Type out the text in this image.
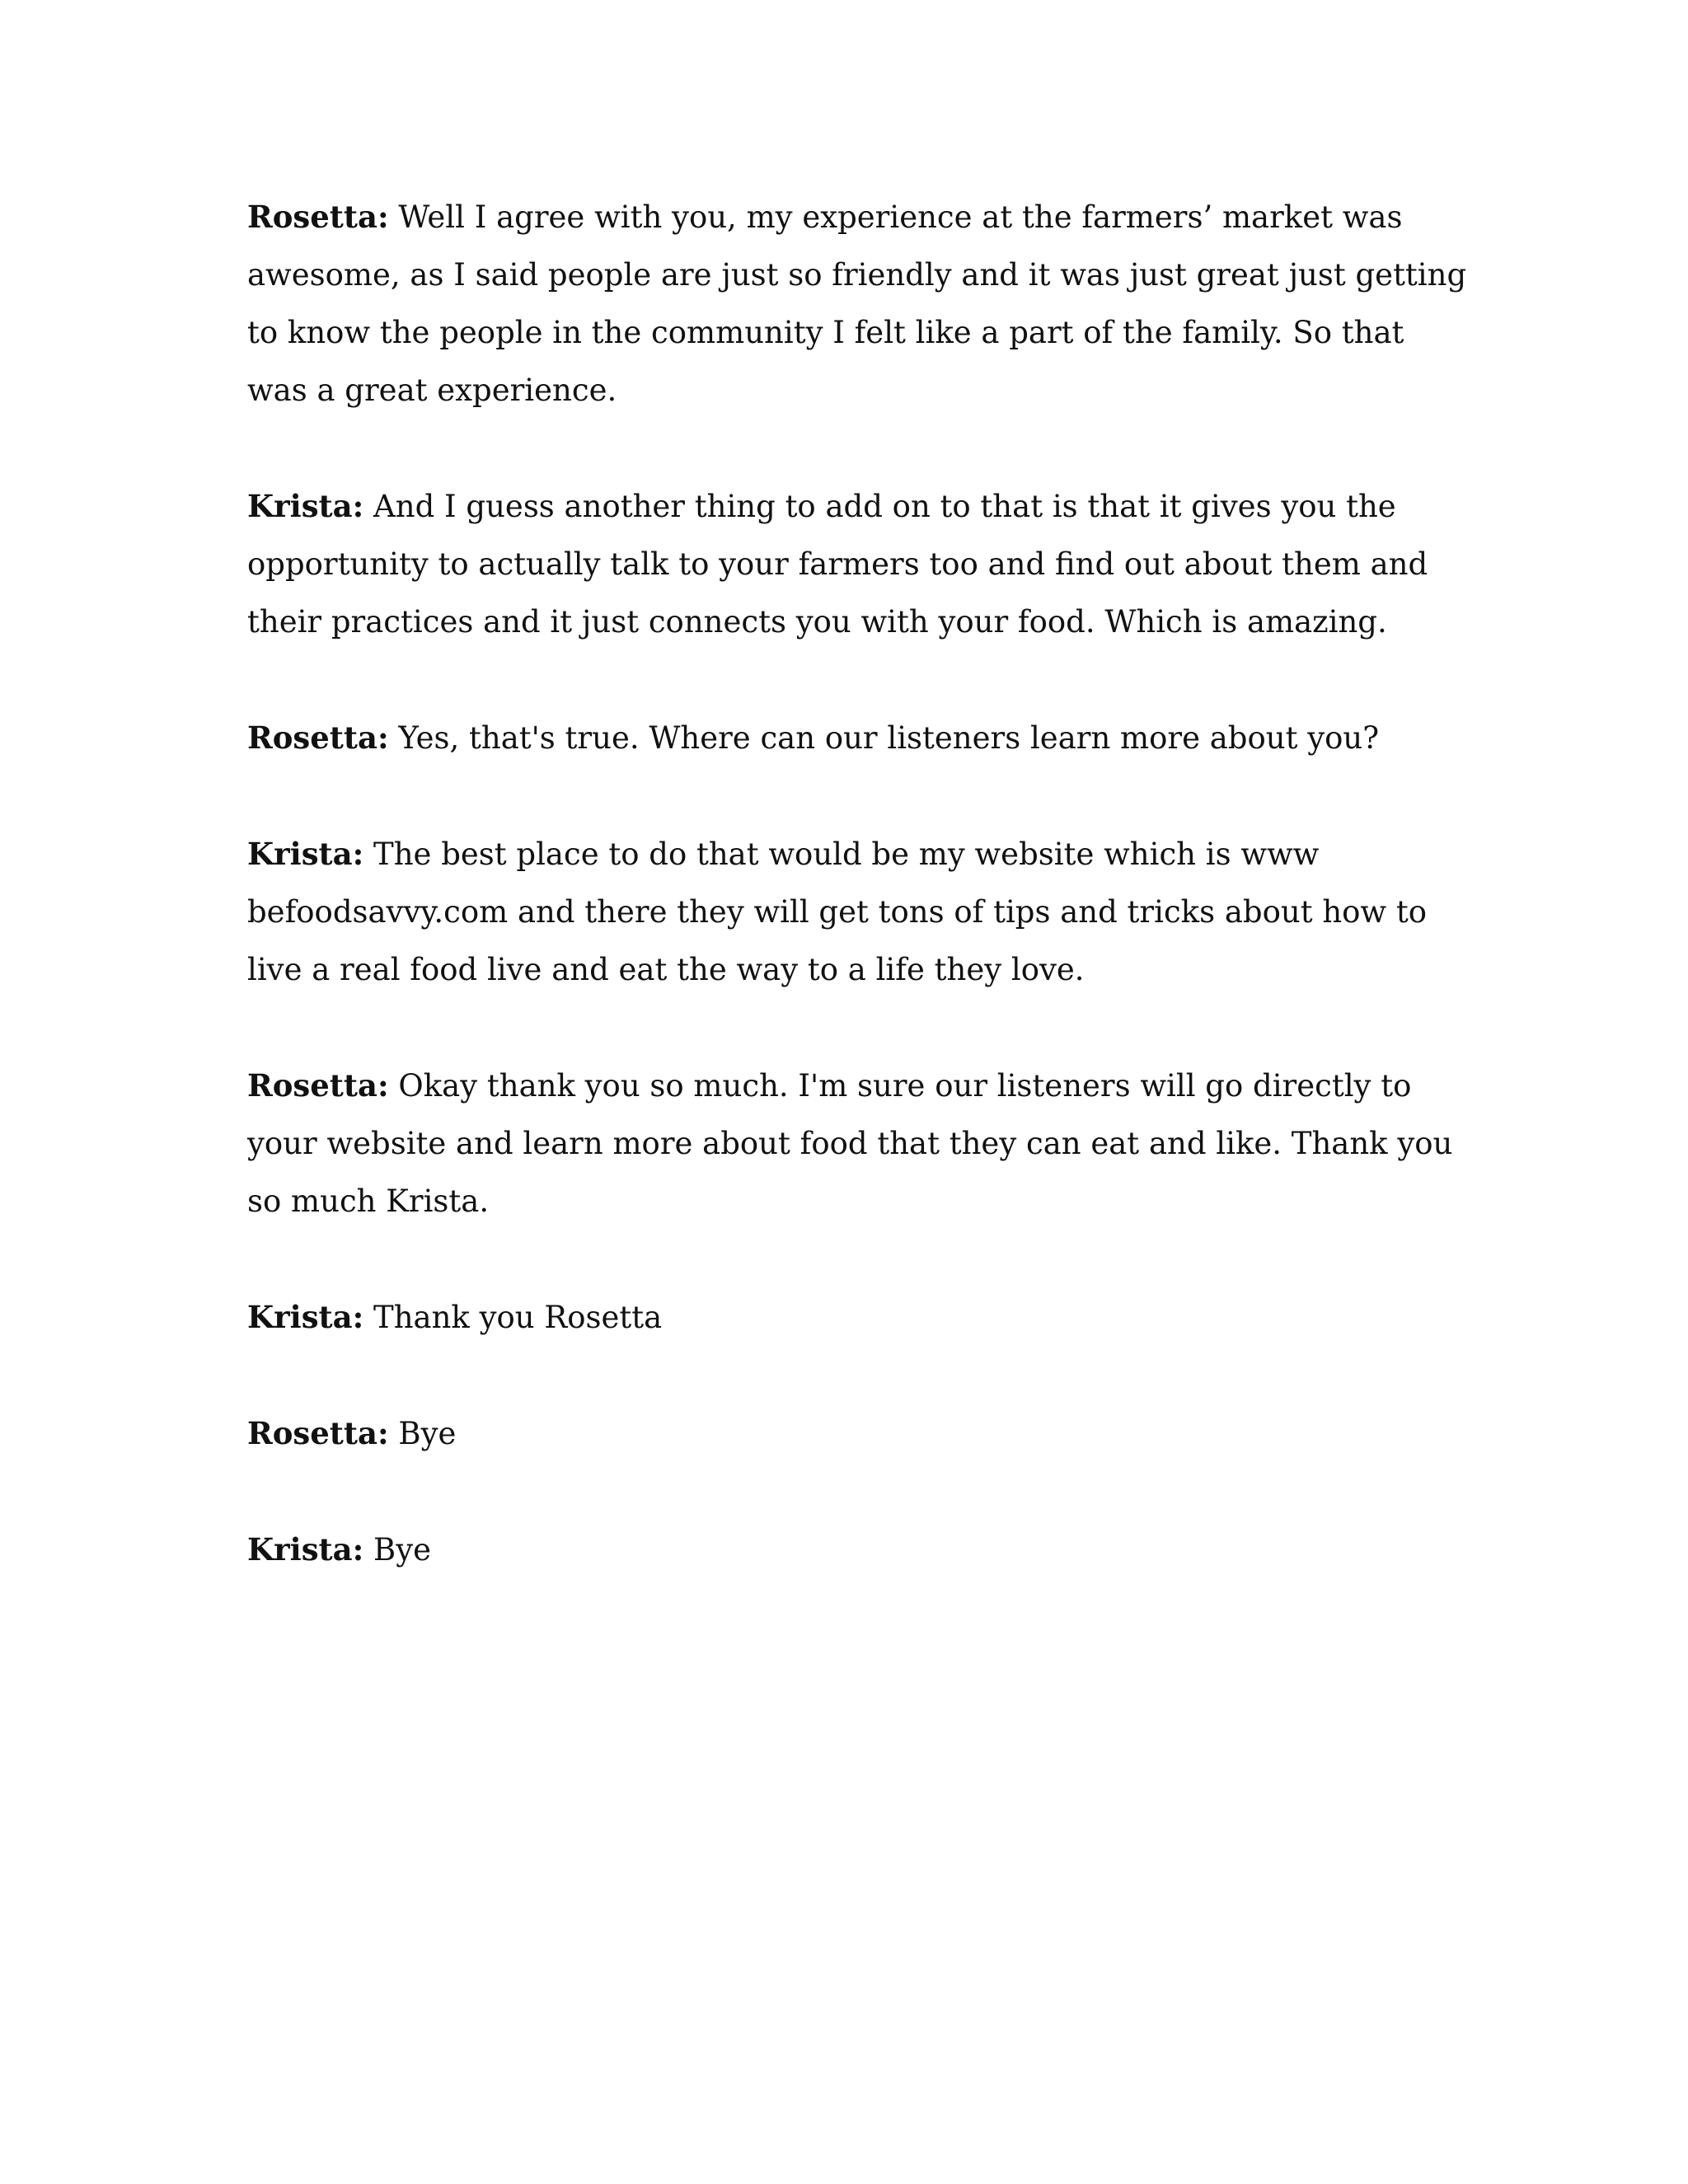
Rosetta: Well I agree with you, my experience at the farmers’ market was awesome, as I said people are just so friendly and it was just great just getting to know the people in the community I felt like a part of the family. So that was a great experience.

Krista: And I guess another thing to add on to that is that it gives you the opportunity to actually talk to your farmers too and find out about them and their practices and it just connects you with your food. Which is amazing.

Rosetta: Yes, that's true. Where can our listeners learn more about you?

Krista: The best place to do that would be my website which is www befoodsavvy.com and there they will get tons of tips and tricks about how to live a real food live and eat the way to a life they love.

Rosetta: Okay thank you so much. I'm sure our listeners will go directly to your website and learn more about food that they can eat and like. Thank you so much Krista.

Krista: Thank you Rosetta

Rosetta: Bye

Krista: Bye
